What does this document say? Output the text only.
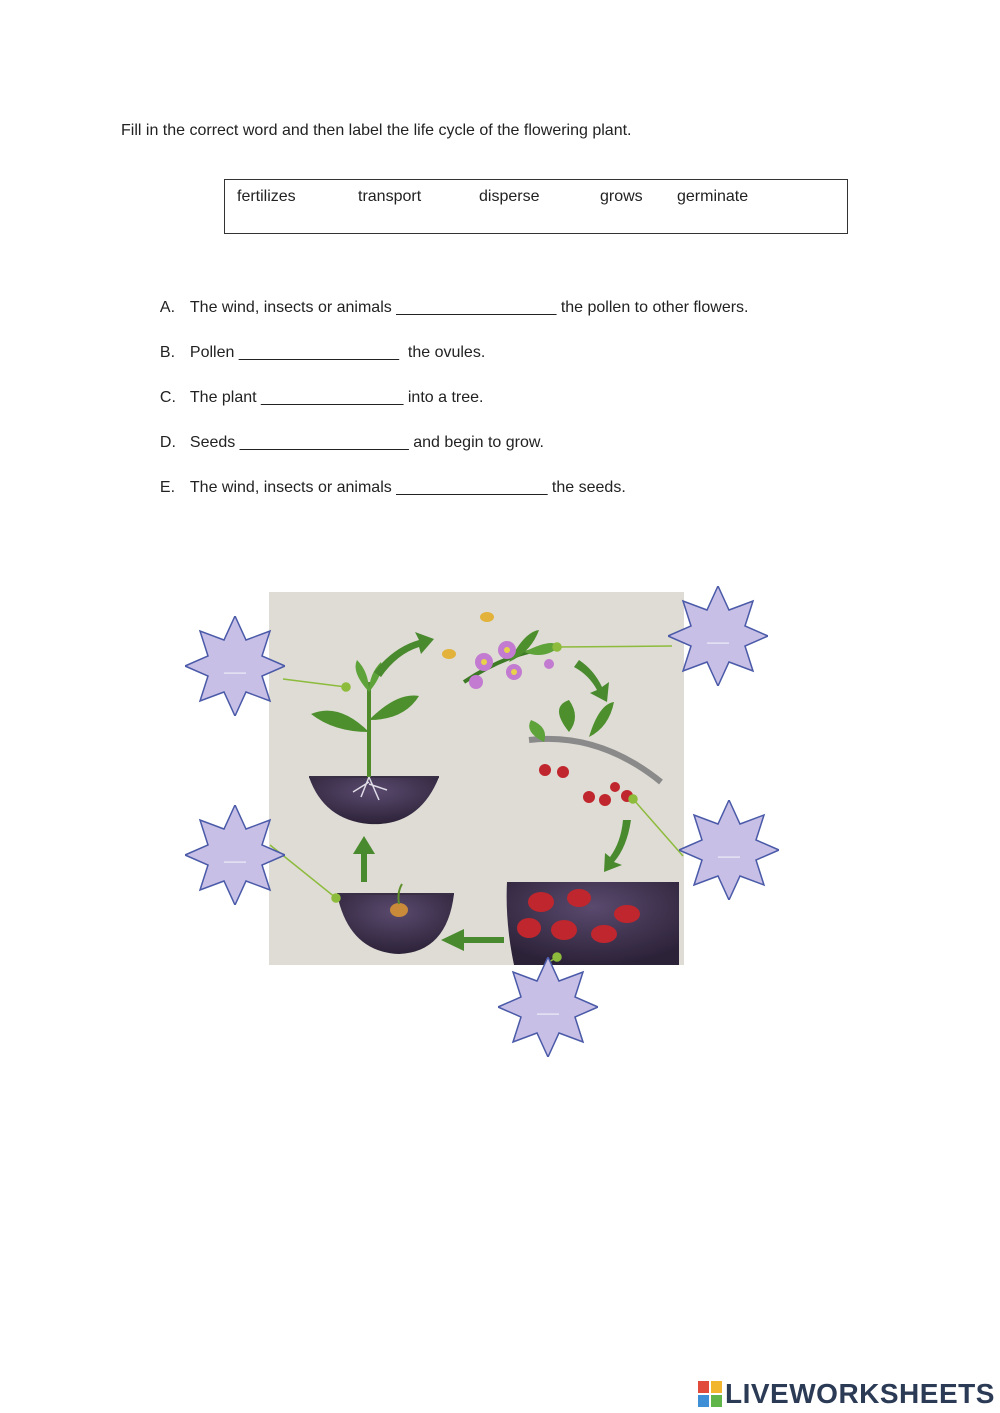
Fill in the correct word and then label the life cycle of the flowering plant.
fertilizes	transport	disperse	grows germinate

A. The wind, insects or animals __________________ the pollen to other flowers.

B. Pollen __________________  the ovules.

C. The plant ________________ into a tree.

D. Seeds ___________________ and begin to grow.

E. The wind, insects or animals _________________ the seeds.

___
___
___
___
___
LIVEWORKSHEETS
